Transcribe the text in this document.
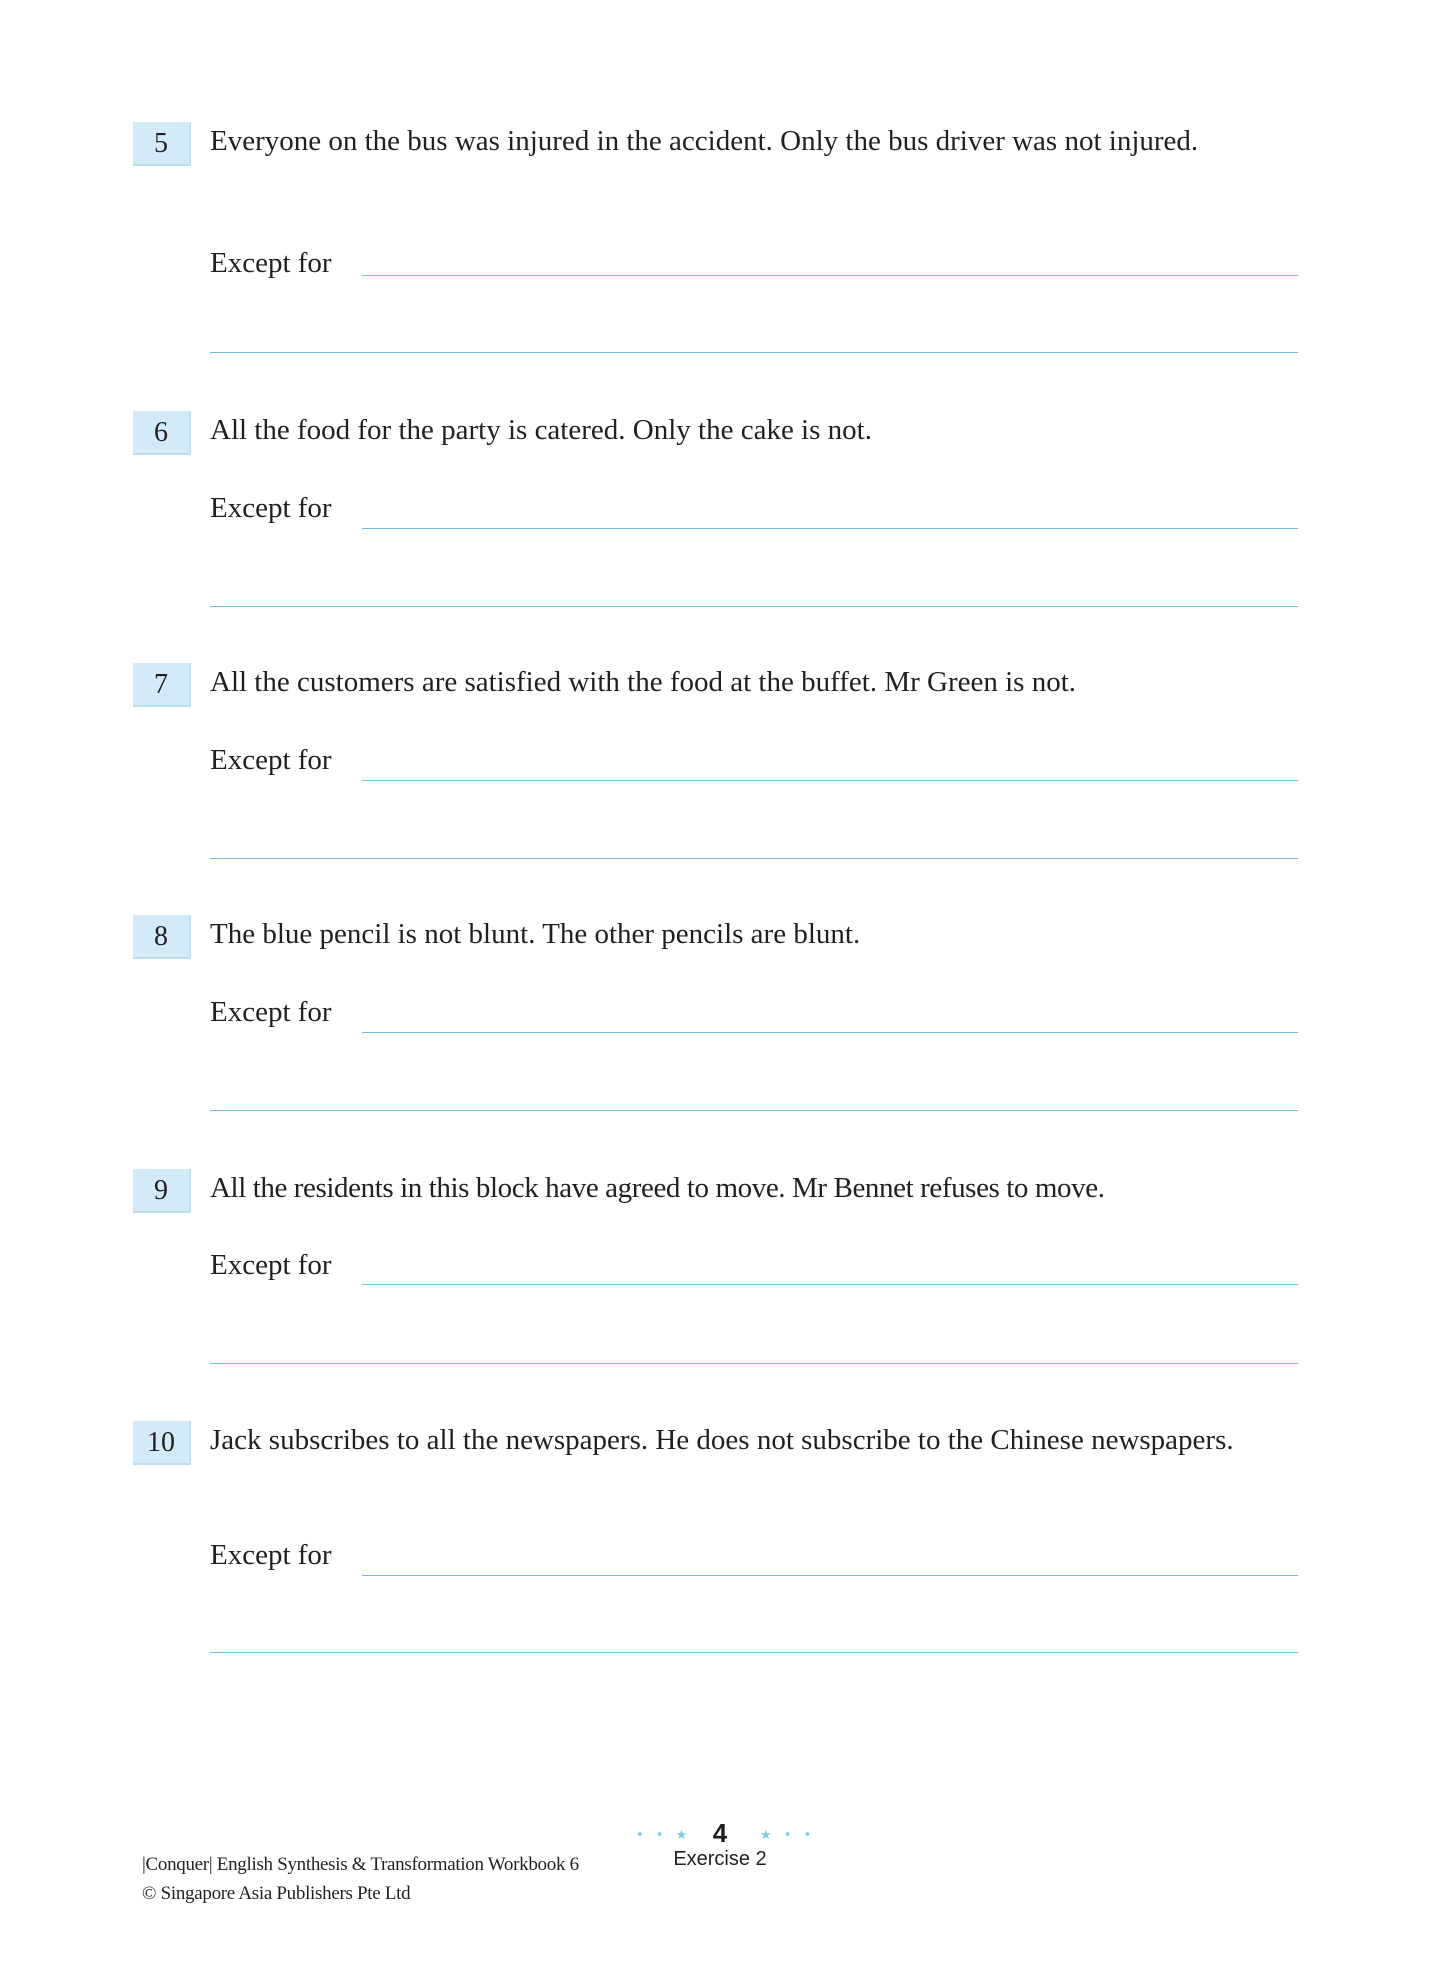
5	Everyone on the bus was injured in the accident. Only the bus driver was not injured.
Except for
6	All the food for the party is catered. Only the cake is not.
Except for
7	All the customers are satisfied with the food at the buffet. Mr Green is not.
Except for
8	The blue pencil is not blunt. The other pencils are blunt.
Except for
9	All the residents in this block have agreed to move. Mr Bennet refuses to move.
Except for
10	Jack subscribes to all the newspapers. He does not subscribe to the Chinese newspapers.
Except for
|Conquer| English Synthesis & Transformation Workbook 6
© Singapore Asia Publishers Pte Ltd
• • ★ 4	★ • •
Exercise 2
